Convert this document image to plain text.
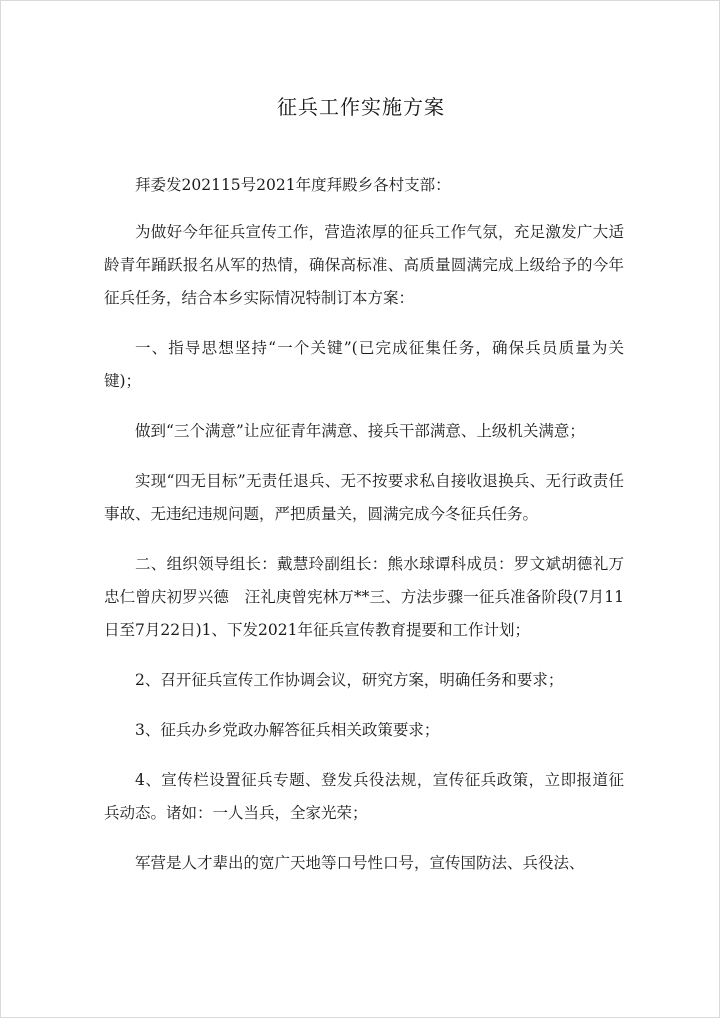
征兵工作实施方案

拜委发202115号2021年度拜殿乡各村支部：

为做好今年征兵宣传工作，营造浓厚的征兵工作气氛，充足激发广大适龄青年踊跃报名从军的热情，确保高标准、高质量圆满完成上级给予的今年征兵任务，结合本乡实际情况特制订本方案：

一、指导思想坚持“一个关键”(已完成征集任务，确保兵员质量为关键)；

做到“三个满意”让应征青年满意、接兵干部满意、上级机关满意；

实现“四无目标”无责任退兵、无不按要求私自接收退换兵、无行政责任事故、无违纪违规问题，严把质量关，圆满完成今冬征兵任务。

二、组织领导组长：戴慧玲副组长：熊水球谭科成员：罗文斌胡德礼万忠仁曾庆初罗兴德　汪礼庚曾宪林万**三、方法步骤一征兵准备阶段(7月11日至7月22日)1、下发2021年征兵宣传教育提要和工作计划；

2、召开征兵宣传工作协调会议，研究方案，明确任务和要求；

3、征兵办乡党政办解答征兵相关政策要求；

4、宣传栏设置征兵专题、登发兵役法规，宣传征兵政策，立即报道征兵动态。诸如：一人当兵，全家光荣；

军营是人才辈出的宽广天地等口号性口号，宣传国防法、兵役法、
